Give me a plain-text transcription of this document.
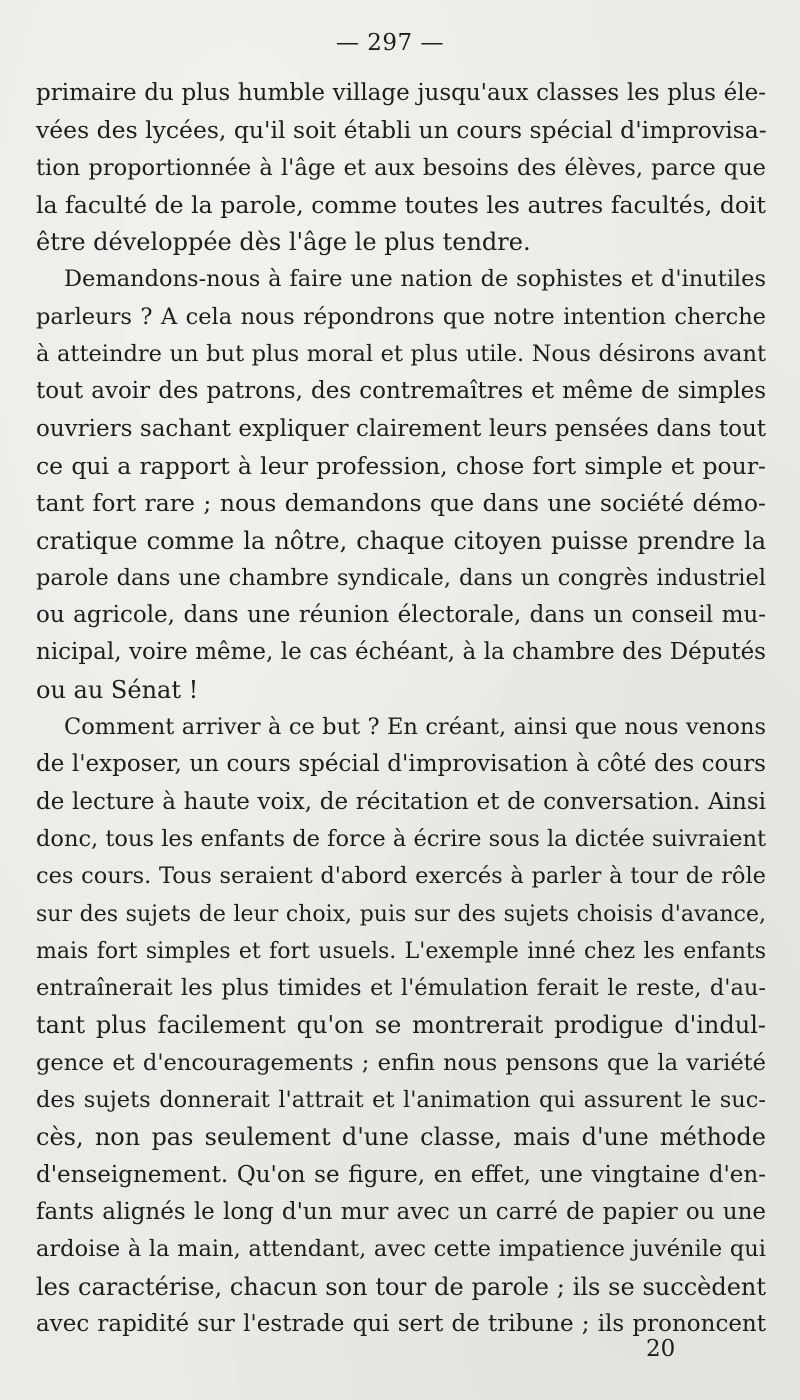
— 297 —
primaire du plus humble village jusqu'aux classes les plus éle-
vées des lycées, qu'il soit établi un cours spécial d'improvisa-
tion proportionnée à l'âge et aux besoins des élèves, parce que
la faculté de la parole, comme toutes les autres facultés, doit
être développée dès l'âge le plus tendre.
Demandons-nous à faire une nation de sophistes et d'inutiles
parleurs ? A cela nous répondrons que notre intention cherche
à atteindre un but plus moral et plus utile. Nous désirons avant
tout avoir des patrons, des contremaîtres et même de simples
ouvriers sachant expliquer clairement leurs pensées dans tout
ce qui a rapport à leur profession, chose fort simple et pour-
tant fort rare ; nous demandons que dans une société démo-
cratique comme la nôtre, chaque citoyen puisse prendre la
parole dans une chambre syndicale, dans un congrès industriel
ou agricole, dans une réunion électorale, dans un conseil mu-
nicipal, voire même, le cas échéant, à la chambre des Députés
ou au Sénat !
Comment arriver à ce but ? En créant, ainsi que nous venons
de l'exposer, un cours spécial d'improvisation à côté des cours
de lecture à haute voix, de récitation et de conversation. Ainsi
donc, tous les enfants de force à écrire sous la dictée suivraient
ces cours. Tous seraient d'abord exercés à parler à tour de rôle
sur des sujets de leur choix, puis sur des sujets choisis d'avance,
mais fort simples et fort usuels. L'exemple inné chez les enfants
entraînerait les plus timides et l'émulation ferait le reste, d'au-
tant plus facilement qu'on se montrerait prodigue d'indul-
gence et d'encouragements ; enfin nous pensons que la variété
des sujets donnerait l'attrait et l'animation qui assurent le suc-
cès, non pas seulement d'une classe, mais d'une méthode
d'enseignement. Qu'on se figure, en effet, une vingtaine d'en-
fants alignés le long d'un mur avec un carré de papier ou une
ardoise à la main, attendant, avec cette impatience juvénile qui
les caractérise, chacun son tour de parole ; ils se succèdent
avec rapidité sur l'estrade qui sert de tribune ; ils prononcent
20
